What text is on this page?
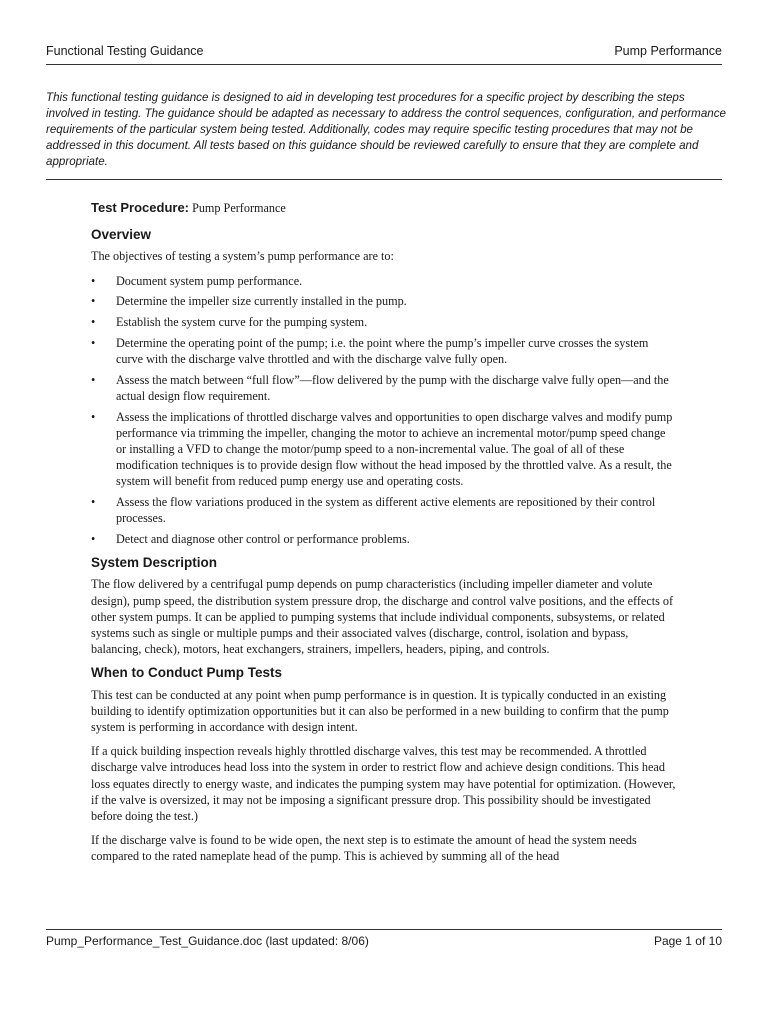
Functional Testing Guidance	Pump Performance
This functional testing guidance is designed to aid in developing test procedures for a specific project by describing the steps involved in testing. The guidance should be adapted as necessary to address the control sequences, configuration, and performance requirements of the particular system being tested. Additionally, codes may require specific testing procedures that may not be addressed in this document. All tests based on this guidance should be reviewed carefully to ensure that they are complete and appropriate.
Test Procedure: Pump Performance
Overview

The objectives of testing a system’s pump performance are to:

• Document system pump performance.
• Determine the impeller size currently installed in the pump.
• Establish the system curve for the pumping system.
• Determine the operating point of the pump; i.e. the point where the pump’s impeller curve crosses the system curve with the discharge valve throttled and with the discharge valve fully open.
• Assess the match between “full flow”—flow delivered by the pump with the discharge valve fully open—and the actual design flow requirement.
• Assess the implications of throttled discharge valves and opportunities to open discharge valves and modify pump performance via trimming the impeller, changing the motor to achieve an incremental motor/pump speed change or installing a VFD to change the motor/pump speed to a non-incremental value. The goal of all of these modification techniques is to provide design flow without the head imposed by the throttled valve. As a result, the system will benefit from reduced pump energy use and operating costs.
• Assess the flow variations produced in the system as different active elements are repositioned by their control processes.
• Detect and diagnose other control or performance problems.
System Description

The flow delivered by a centrifugal pump depends on pump characteristics (including impeller diameter and volute design), pump speed, the distribution system pressure drop, the discharge and control valve positions, and the effects of other system pumps. It can be applied to pumping systems that include individual components, subsystems, or related systems such as single or multiple pumps and their associated valves (discharge, control, isolation and bypass, balancing, check), motors, heat exchangers, strainers, impellers, headers, piping, and controls.

When to Conduct Pump Tests

This test can be conducted at any point when pump performance is in question. It is typically conducted in an existing building to identify optimization opportunities but it can also be performed in a new building to confirm that the pump system is performing in accordance with design intent.

If a quick building inspection reveals highly throttled discharge valves, this test may be recommended. A throttled discharge valve introduces head loss into the system in order to restrict flow and achieve design conditions. This head loss equates directly to energy waste, and indicates the pumping system may have potential for optimization. (However, if the valve is oversized, it may not be imposing a significant pressure drop. This possibility should be investigated before doing the test.)

If the discharge valve is found to be wide open, the next step is to estimate the amount of head the system needs compared to the rated nameplate head of the pump. This is achieved by summing all of the head

Pump_Performance_Test_Guidance.doc (last updated: 8/06)	Page 1 of 10
